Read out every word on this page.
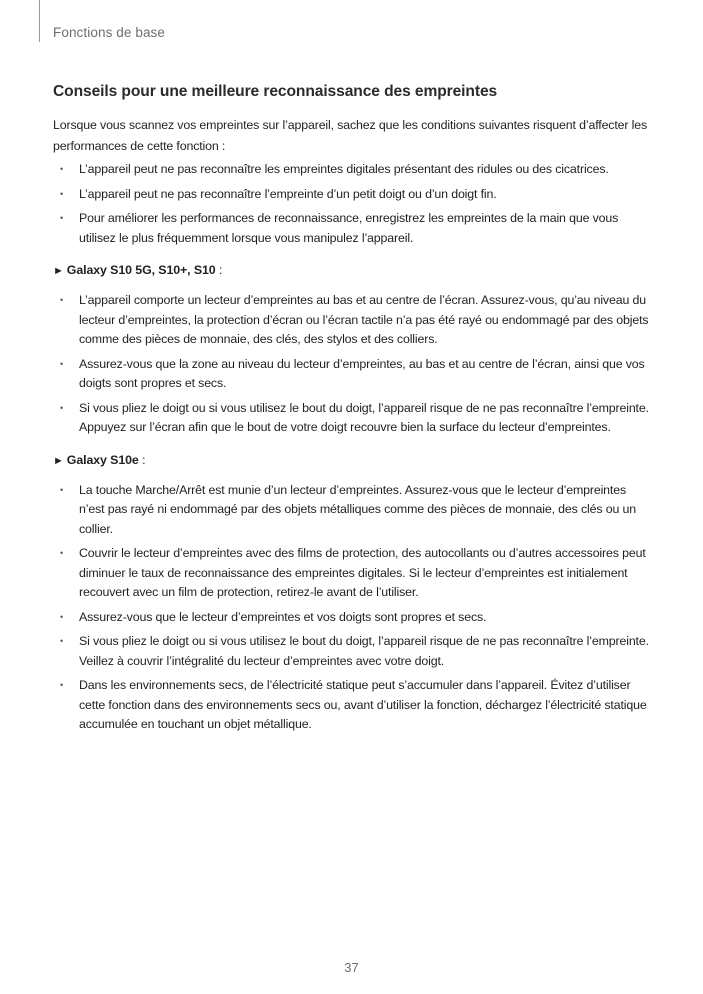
Fonctions de base
Conseils pour une meilleure reconnaissance des empreintes

Lorsque vous scannez vos empreintes sur l’appareil, sachez que les conditions suivantes risquent d’affecter les performances de cette fonction :

• L’appareil peut ne pas reconnaître les empreintes digitales présentant des ridules ou des cicatrices.
• L’appareil peut ne pas reconnaître l’empreinte d’un petit doigt ou d’un doigt fin.
• Pour améliorer les performances de reconnaissance, enregistrez les empreintes de la main que vous utilisez le plus fréquemment lorsque vous manipulez l’appareil.
► Galaxy S10 5G, S10+, S10 :
• L’appareil comporte un lecteur d’empreintes au bas et au centre de l’écran. Assurez-vous, qu’au niveau du lecteur d’empreintes, la protection d’écran ou l’écran tactile n’a pas été rayé ou endommagé par des objets comme des pièces de monnaie, des clés, des stylos et des colliers.
• Assurez-vous que la zone au niveau du lecteur d’empreintes, au bas et au centre de l’écran, ainsi que vos doigts sont propres et secs.
• Si vous pliez le doigt ou si vous utilisez le bout du doigt, l’appareil risque de ne pas reconnaître l’empreinte. Appuyez sur l’écran afin que le bout de votre doigt recouvre bien la surface du lecteur d’empreintes.
► Galaxy S10e :
• La touche Marche/Arrêt est munie d’un lecteur d’empreintes. Assurez-vous que le lecteur d’empreintes n’est pas rayé ni endommagé par des objets métalliques comme des pièces de monnaie, des clés ou un collier.
• Couvrir le lecteur d’empreintes avec des films de protection, des autocollants ou d’autres accessoires peut diminuer le taux de reconnaissance des empreintes digitales. Si le lecteur d’empreintes est initialement recouvert avec un film de protection, retirez-le avant de l’utiliser.
• Assurez-vous que le lecteur d’empreintes et vos doigts sont propres et secs.
• Si vous pliez le doigt ou si vous utilisez le bout du doigt, l’appareil risque de ne pas reconnaître l’empreinte. Veillez à couvrir l’intégralité du lecteur d’empreintes avec votre doigt.
• Dans les environnements secs, de l’électricité statique peut s’accumuler dans l’appareil. Évitez d’utiliser cette fonction dans des environnements secs ou, avant d’utiliser la fonction, déchargez l’électricité statique accumulée en touchant un objet métallique.
37
